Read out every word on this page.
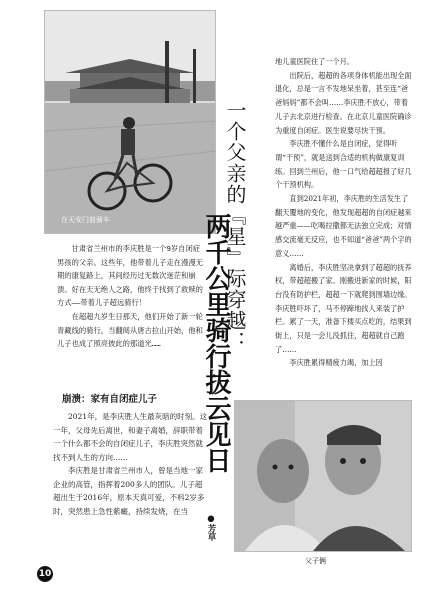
在天安门前骑车

甘肃省兰州市的李庆胜是一个9岁自闭症男孩的父亲。这些年，他带着儿子走在漫漫无期的康复路上，其间经历过无数次迷茫和崩溃。好在天无绝人之路，他终于找到了救赎的方式——带着儿子超远骑行！

在超超九岁生日那天，他们开始了新一轮青藏线的骑行，当翻阅从唐古拉山开始，他和儿子也成了照亮彼此的那道光……

崩溃：家有自闭症儿子

2021年，是李庆胜人生最灰暗的时刻。这一年，父母先后离世，和妻子离婚，辞职带着一个什么都不会的自闭症儿子，李庆胜突然就找不到人生的方向……

李庆胜是甘肃省兰州市人，曾是当地一家企业的高管，指挥着200多人的团队。儿子超超出生于2016年，原本天真可爱，不料2岁多时，突然患上急性紫癜，持续发烧，在当

一个父亲的『星』际穿越：
两千公里骑行拔云见日
●芳草

地儿童医院住了一个月。

出院后，超超的各项身体机能出现全面退化，总是一言不发地呆坐着，甚至连“爸爸妈妈”都不会叫……李庆胜不放心，带着儿子去北京进行检查。在北京儿童医院确诊为重度自闭症。医生说要尽快干预。

李庆胜不懂什么是自闭症，觉得听谓“干预”，就是送到合适的机构做康复训练。回到兰州后，他一口气给超超报了好几个干预机构。

直到2021年初，李庆胜的生活发生了翻天覆地的变化，他发现超超的自闭症越来越严重——吃喝拉撒都无法独立完成；对情感交流毫无反应，也不知道“爸爸”两个字的意义……

离婚后，李庆胜坚决拿到了超超的抚养权，带超超搬了家。刚搬进新家的时候，阳台没有防护栏，超超一下就爬到围墙边缘。李庆胜吓坏了，马不停蹄地找人来装了护栏。累了一天，准备下楼买点吃的，结果到街上，只是一会儿没抓住，超超就自己跑了……

李庆胜累得精疲力竭，加上因

父子俩
10
